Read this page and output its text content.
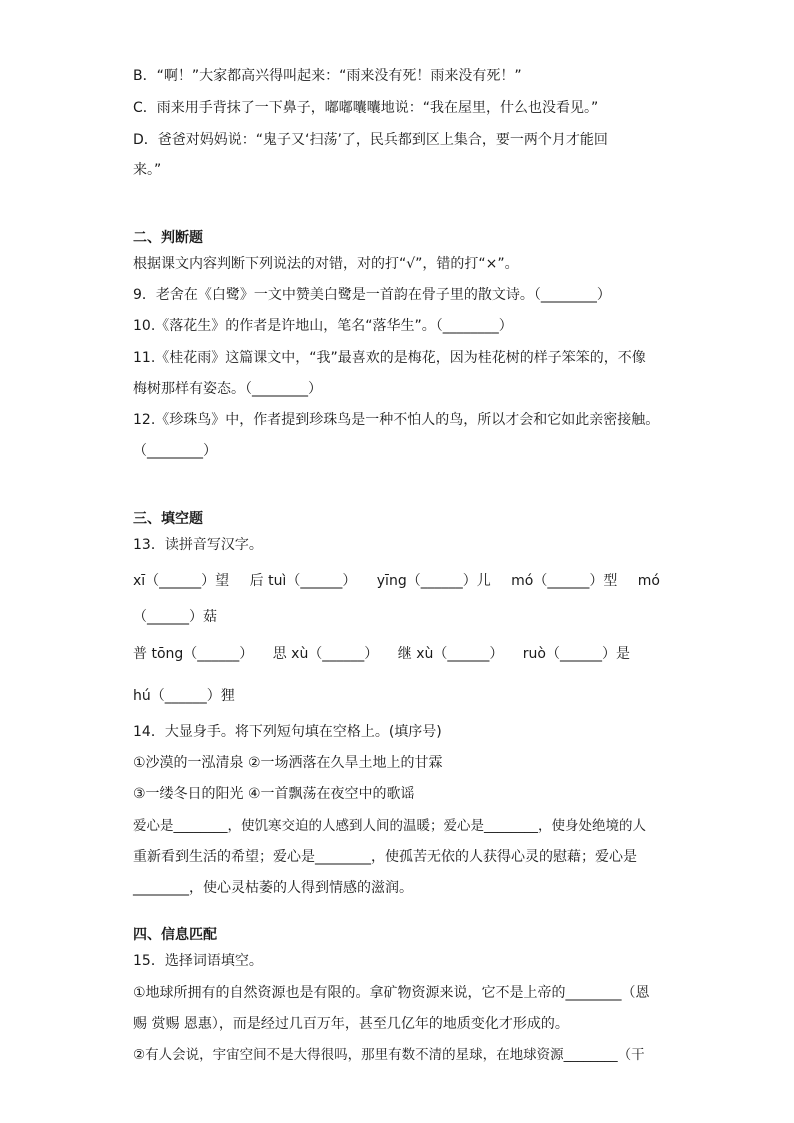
B．“啊！”大家都高兴得叫起来：“雨来没有死！雨来没有死！”
C．雨来用手背抹了一下鼻子，嘟嘟囔囔地说：“我在屋里，什么也没看见。”
D．爸爸对妈妈说：“鬼子又‘扫荡’了，民兵都到区上集合，要一两个月才能回
来。”
二、判断题
根据课文内容判断下列说法的对错，对的打“√”，错的打“×”。
9．老舍在《白鹭》一文中赞美白鹭是一首韵在骨子里的散文诗。（________）
10.《落花生》的作者是许地山，笔名“落华生”。（________）
11.《桂花雨》这篇课文中，“我”最喜欢的是梅花，因为桂花树的样子笨笨的，不像
梅树那样有姿态。（________）
12.《珍珠鸟》中，作者提到珍珠鸟是一种不怕人的鸟，所以才会和它如此亲密接触。
（________）
三、填空题
13．读拼音写汉字。
xī（______）望 后 tuì（______） yīng（______）儿 mó（______）型 mó
（______）菇
普 tōng（______） 思 xù（______） 继 xù（______） ruò（______）是
hú（______）狸
14．大显身手。将下列短句填在空格上。(填序号)
①沙漠的一泓清泉 ②一场洒落在久旱土地上的甘霖
③一缕冬日的阳光 ④一首飘荡在夜空中的歌谣
爱心是________，使饥寒交迫的人感到人间的温暖；爱心是________，使身处绝境的人
重新看到生活的希望；爱心是________，使孤苦无依的人获得心灵的慰藉；爱心是
________，使心灵枯萎的人得到情感的滋润。
四、信息匹配
15．选择词语填空。
①地球所拥有的自然资源也是有限的。拿矿物资源来说，它不是上帝的________（恩
赐 赏赐 恩惠），而是经过几百万年，甚至几亿年的地质变化才形成的。
②有人会说，宇宙空间不是大得很吗，那里有数不清的星球，在地球资源________（干
